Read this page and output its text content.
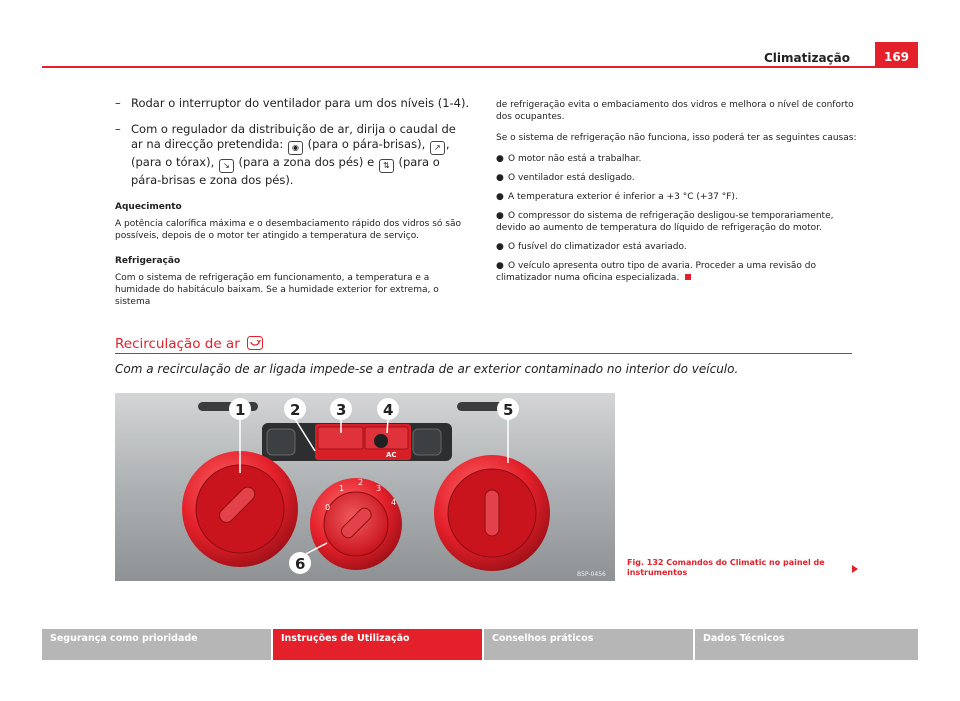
Climatização	169
– Rodar o interruptor do ventilador para um dos níveis (1-4).
– Com o regulador da distribuição de ar, dirija o caudal de ar na direcção pretendida: ◉ (para o pára-brisas), ↗ , (para o tórax), ↘ (para a zona dos pés) e ⇅ (para o pára-brisas e zona dos pés).
Aquecimento

A potência calorífica máxima e o desembaciamento rápido dos vidros só são possíveis, depois de o motor ter atingido a temperatura de serviço.

Refrigeração

Com o sistema de refrigeração em funcionamento, a temperatura e a humidade do habitáculo baixam. Se a humidade exterior for extrema, o sistema

de refrigeração evita o embaciamento dos vidros e melhora o nível de conforto dos ocupantes.

Se o sistema de refrigeração não funciona, isso poderá ter as seguintes causas:

● O motor não está a trabalhar.
● O ventilador está desligado.
● A temperatura exterior é inferior a +3 °C (+37 °F).
● O compressor do sistema de refrigeração desligou-se temporariamente, devido ao aumento de temperatura do líquido de refrigeração do motor.
● O fusível do climatizador está avariado.
● O veículo apresenta outro tipo de avaria. Proceder a uma revisão do climatizador numa oficina especializada.
Recirculação de ar
Com a recirculação de ar ligada impede-se a entrada de ar exterior contaminado no interior do veículo.
AC
0
1
2
3
4
1	2 3 4	5
6
B5P-0456
Fig. 132 Comandos do Climatic no painel de instrumentos
Segurança como prioridade	Instruções de Utilização	Conselhos práticos	Dados Técnicos
